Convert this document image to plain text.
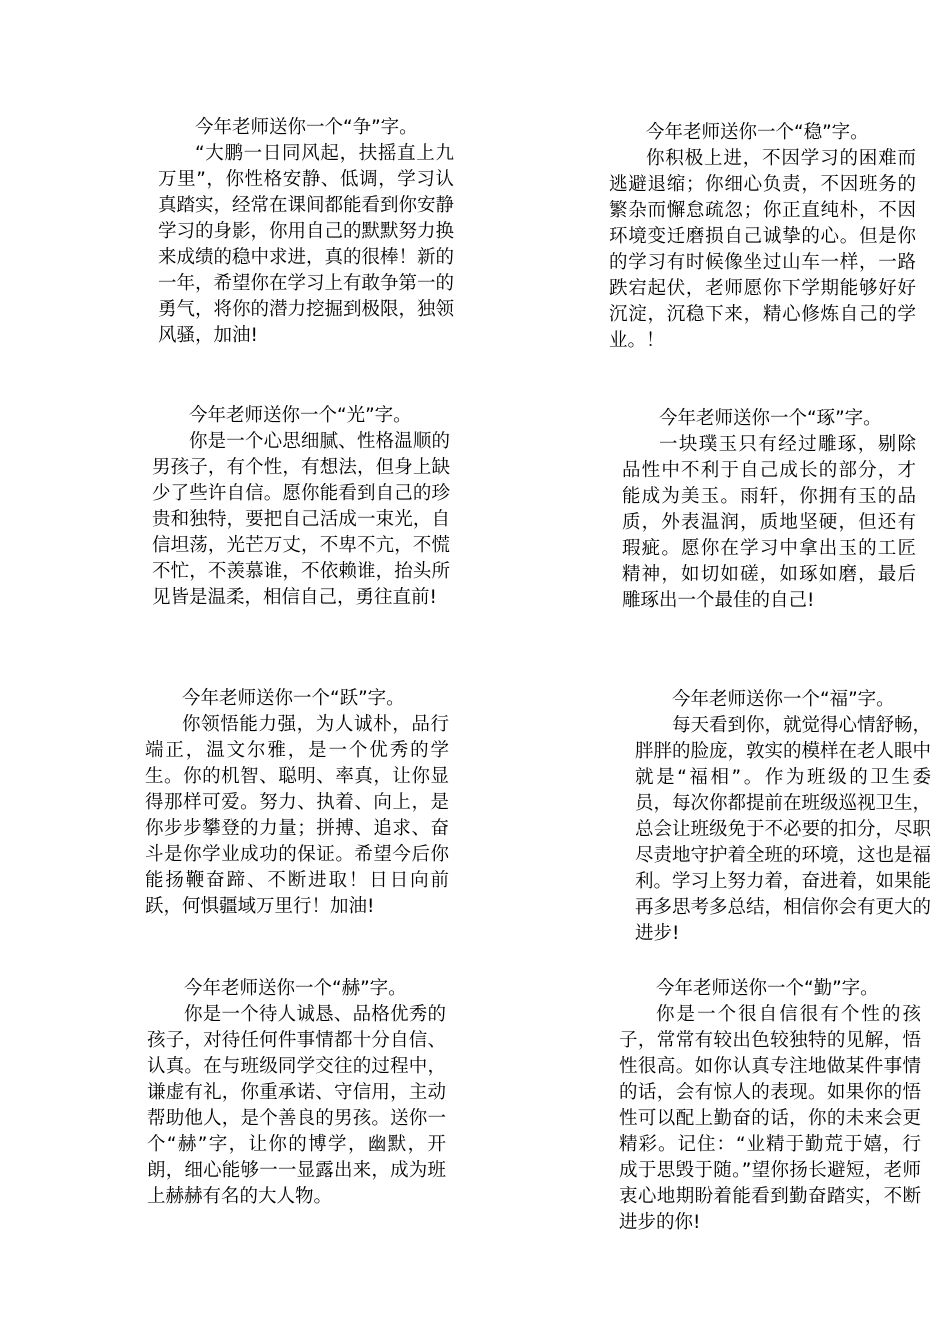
今年老师送你一个“争”字。
“大鹏一日同风起，扶摇直上九万里”，你性格安静、低调，学习认真踏实，经常在课间都能看到你安静学习的身影，你用自己的默默努力换来成绩的稳中求进，真的很棒！新的一年，希望你在学习上有敢争第一的勇气，将你的潜力挖掘到极限，独领风骚，加油!
今年老师送你一个“稳”字。
你积极上进，不因学习的困难而逃避退缩；你细心负责，不因班务的繁杂而懈怠疏忽；你正直纯朴，不因环境变迁磨损自己诚挚的心。但是你的学习有时候像坐过山车一样，一路跌宕起伏，老师愿你下学期能够好好沉淀，沉稳下来，精心修炼自己的学业。！
今年老师送你一个“光”字。
你是一个心思细腻、性格温顺的男孩子，有个性，有想法，但身上缺少了些许自信。愿你能看到自己的珍贵和独特，要把自己活成一束光，自信坦荡，光芒万丈，不卑不亢，不慌不忙，不羡慕谁，不依赖谁，抬头所见皆是温柔，相信自己，勇往直前!
今年老师送你一个“琢”字。
一块璞玉只有经过雕琢，剔除品性中不利于自己成长的部分，才能成为美玉。雨轩，你拥有玉的品质，外表温润，质地坚硬，但还有瑕疵。愿你在学习中拿出玉的工匠精神，如切如磋，如琢如磨，最后雕琢出一个最佳的自己!
今年老师送你一个“跃”字。
你领悟能力强，为人诚朴，品行端正，温文尔雅，是一个优秀的学生。你的机智、聪明、率真，让你显得那样可爱。努力、执着、向上，是你步步攀登的力量；拼搏、追求、奋斗是你学业成功的保证。希望今后你能扬鞭奋蹄、不断进取！日日向前跃，何惧疆域万里行！加油!
今年老师送你一个“福”字。
每天看到你，就觉得心情舒畅，胖胖的脸庞，敦实的模样在老人眼中就是“福相”。作为班级的卫生委员，每次你都提前在班级巡视卫生，总会让班级免于不必要的扣分，尽职尽责地守护着全班的环境，这也是福利。学习上努力着，奋进着，如果能再多思考多总结，相信你会有更大的进步!
今年老师送你一个“赫”字。
你是一个待人诚恳、品格优秀的孩子，对待任何件事情都十分自信、认真。在与班级同学交往的过程中，谦虚有礼，你重承诺、守信用，主动帮助他人，是个善良的男孩。送你一个“赫”字，让你的博学，幽默，开朗，细心能够一一显露出来，成为班上赫赫有名的大人物。
今年老师送你一个“勤”字。
你是一个很自信很有个性的孩子，常常有较出色较独特的见解，悟性很高。如你认真专注地做某件事情的话，会有惊人的表现。如果你的悟性可以配上勤奋的话，你的未来会更精彩。记住：“业精于勤荒于嬉，行成于思毁于随。”望你扬长避短，老师衷心地期盼着能看到勤奋踏实，不断进步的你!
